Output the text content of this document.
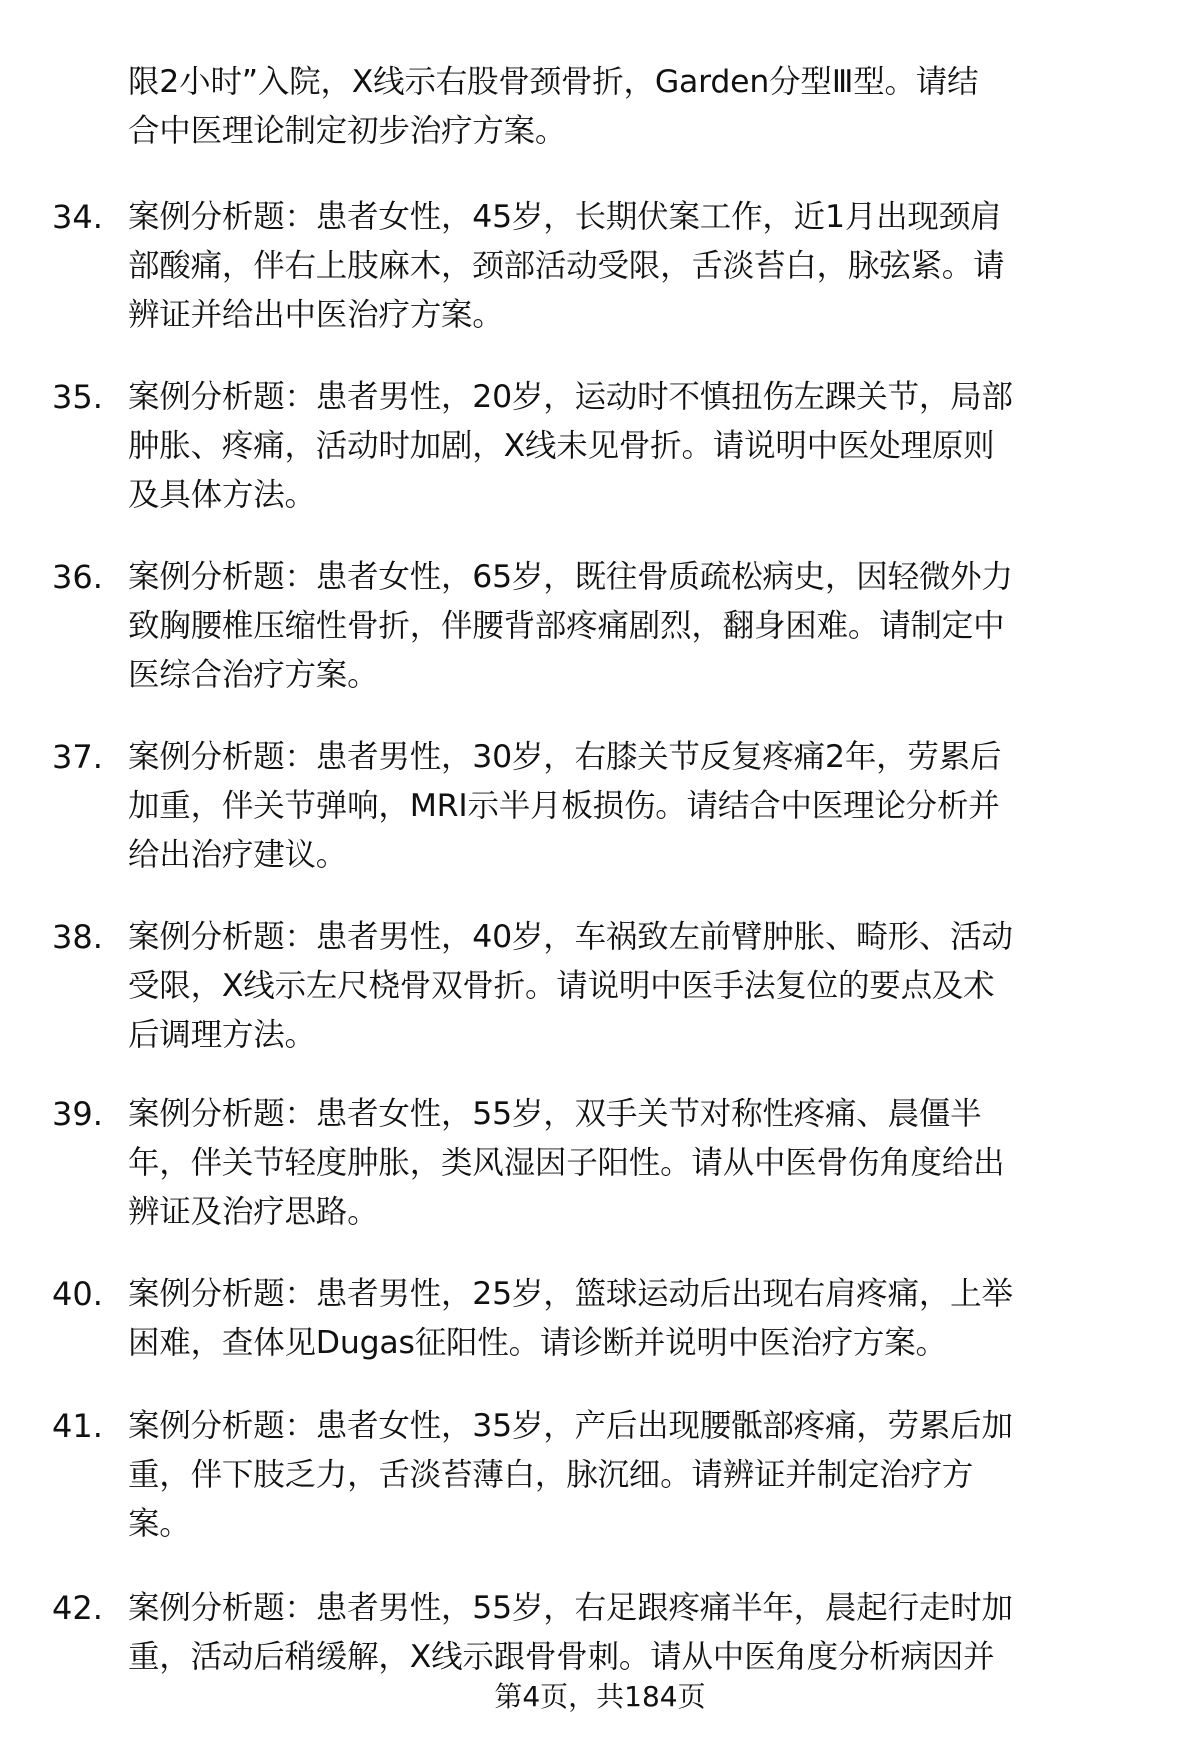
限2小时”入院，X线示右股骨颈骨折，Garden分型Ⅲ型。请结
合中医理论制定初步治疗方案。
34. 案例分析题：患者女性，45岁，长期伏案工作，近1月出现颈肩
部酸痛，伴右上肢麻木，颈部活动受限，舌淡苔白，脉弦紧。请
辨证并给出中医治疗方案。
35. 案例分析题：患者男性，20岁，运动时不慎扭伤左踝关节，局部
肿胀、疼痛，活动时加剧，X线未见骨折。请说明中医处理原则
及具体方法。
36. 案例分析题：患者女性，65岁，既往骨质疏松病史，因轻微外力
致胸腰椎压缩性骨折，伴腰背部疼痛剧烈，翻身困难。请制定中
医综合治疗方案。
37. 案例分析题：患者男性，30岁，右膝关节反复疼痛2年，劳累后
加重，伴关节弹响，MRI示半月板损伤。请结合中医理论分析并
给出治疗建议。
38. 案例分析题：患者男性，40岁，车祸致左前臂肿胀、畸形、活动
受限，X线示左尺桡骨双骨折。请说明中医手法复位的要点及术
后调理方法。
39. 案例分析题：患者女性，55岁，双手关节对称性疼痛、晨僵半
年，伴关节轻度肿胀，类风湿因子阳性。请从中医骨伤角度给出
辨证及治疗思路。
40. 案例分析题：患者男性，25岁，篮球运动后出现右肩疼痛，上举
困难，查体见Dugas征阳性。请诊断并说明中医治疗方案。
41. 案例分析题：患者女性，35岁，产后出现腰骶部疼痛，劳累后加
重，伴下肢乏力，舌淡苔薄白，脉沉细。请辨证并制定治疗方
案。
42. 案例分析题：患者男性，55岁，右足跟疼痛半年，晨起行走时加
重，活动后稍缓解，X线示跟骨骨刺。请从中医角度分析病因并
第4页，共184页
